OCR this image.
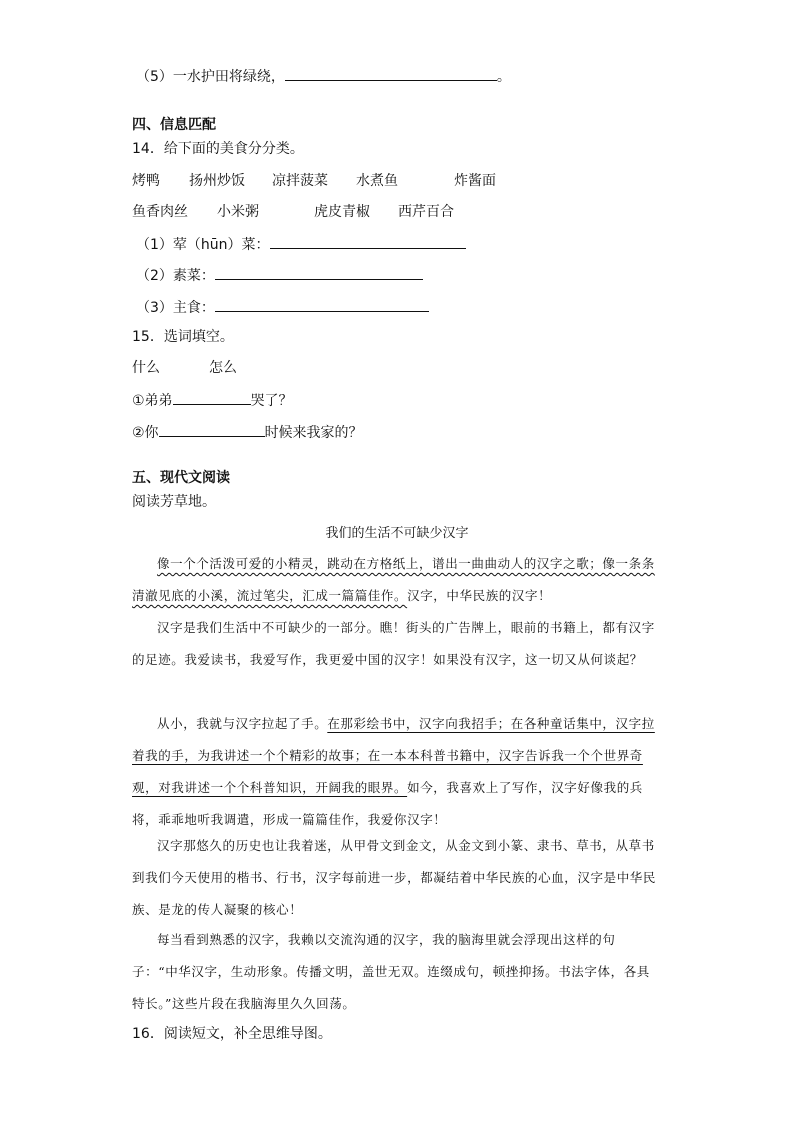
（5）一水护田将绿绕，	。
四、信息匹配
14．给下面的美食分分类。
烤鸭 扬州炒饭 凉拌菠菜 水煮鱼	炸酱面
鱼香肉丝 小米粥	虎皮青椒 西芹百合
（1）荤（hūn）菜：
（2）素菜：
（3）主食：
15．选词填空。
什么	怎么
①弟弟	哭了？
②你	时候来我家的？
五、现代文阅读
阅读芳草地。
我们的生活不可缺少汉字
像一个个活泼可爱的小精灵，跳动在方格纸上，谱出一曲曲动人的汉字之歌；像一条条清澈见底的小溪，流过笔尖，汇成一篇篇佳作。汉字，中华民族的汉字！
汉字是我们生活中不可缺少的一部分。瞧！街头的广告牌上，眼前的书籍上，都有汉字的足迹。我爱读书，我爱写作，我更爱中国的汉字！如果没有汉字，这一切又从何谈起？
从小，我就与汉字拉起了手。在那彩绘书中，汉字向我招手；在各种童话集中，汉字拉着我的手，为我讲述一个个精彩的故事；在一本本科普书籍中，汉字告诉我一个个世界奇观，对我讲述一个个科普知识，开阔我的眼界。如今，我喜欢上了写作，汉字好像我的兵将，乖乖地听我调遣，形成一篇篇佳作，我爱你汉字！
汉字那悠久的历史也让我着迷，从甲骨文到金文，从金文到小篆、隶书、草书，从草书到我们今天使用的楷书、行书，汉字每前进一步，都凝结着中华民族的心血，汉字是中华民族、是龙的传人凝聚的核心！
每当看到熟悉的汉字，我赖以交流沟通的汉字，我的脑海里就会浮现出这样的句子：“中华汉字，生动形象。传播文明，盖世无双。连缀成句，顿挫抑扬。书法字体，各具特长。”这些片段在我脑海里久久回荡。
16．阅读短文，补全思维导图。
